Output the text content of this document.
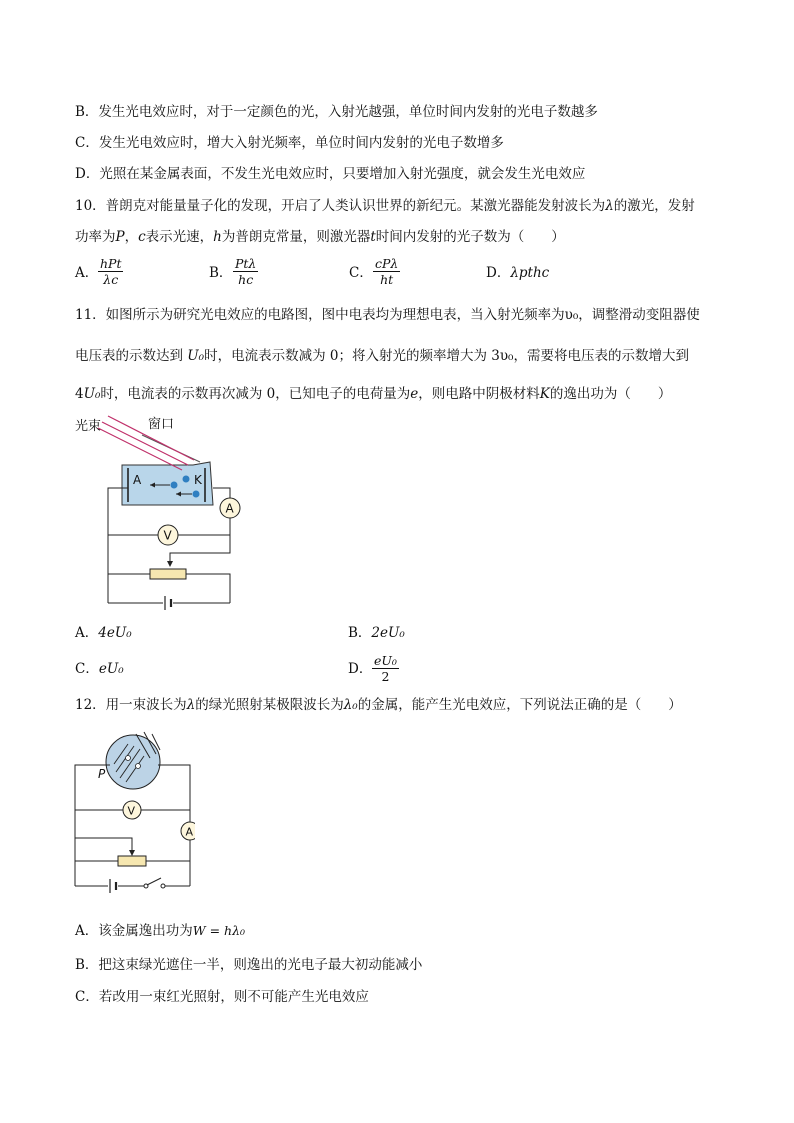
B．发生光电效应时，对于一定颜色的光，入射光越强，单位时间内发射的光电子数越多
C．发生光电效应时，增大入射光频率，单位时间内发射的光电子数增多
D．光照在某金属表面，不发生光电效应时，只要增加入射光强度，就会发生光电效应
10．普朗克对能量量子化的发现，开启了人类认识世界的新纪元。某激光器能发射波长为λ的激光，发射
功率为P，c表示光速，h为普朗克常量，则激光器t时间内发射的光子数为（　　）
A．
hPt
λc	B．
Ptλ
hc	C．
cPλ
ht	D．λpthc
11．如图所示为研究光电效应的电路图，图中电表均为理想电表，当入射光频率为υ₀，调整滑动变阻器使
电压表的示数达到 U₀时，电流表示数减为 0；将入射光的频率增大为 3υ₀，需要将电压表的示数增大到
4U₀时，电流表的示数再次减为 0，已知电子的电荷量为e，则电路中阴极材料K的逸出功为（　　）
光束	窗口
A	K
A
V
A．4eU₀	B．2eU₀
C．eU₀	D． $\frac{\text{eU₀}}{2}$
12．用一束波长为λ的绿光照射某极限波长为λ₀的金属，能产生光电效应，下列说法正确的是（　　）
P
V
A
A．该金属逸出功为W = hλ₀
B．把这束绿光遮住一半，则逸出的光电子最大初动能减小
C．若改用一束红光照射，则不可能产生光电效应
